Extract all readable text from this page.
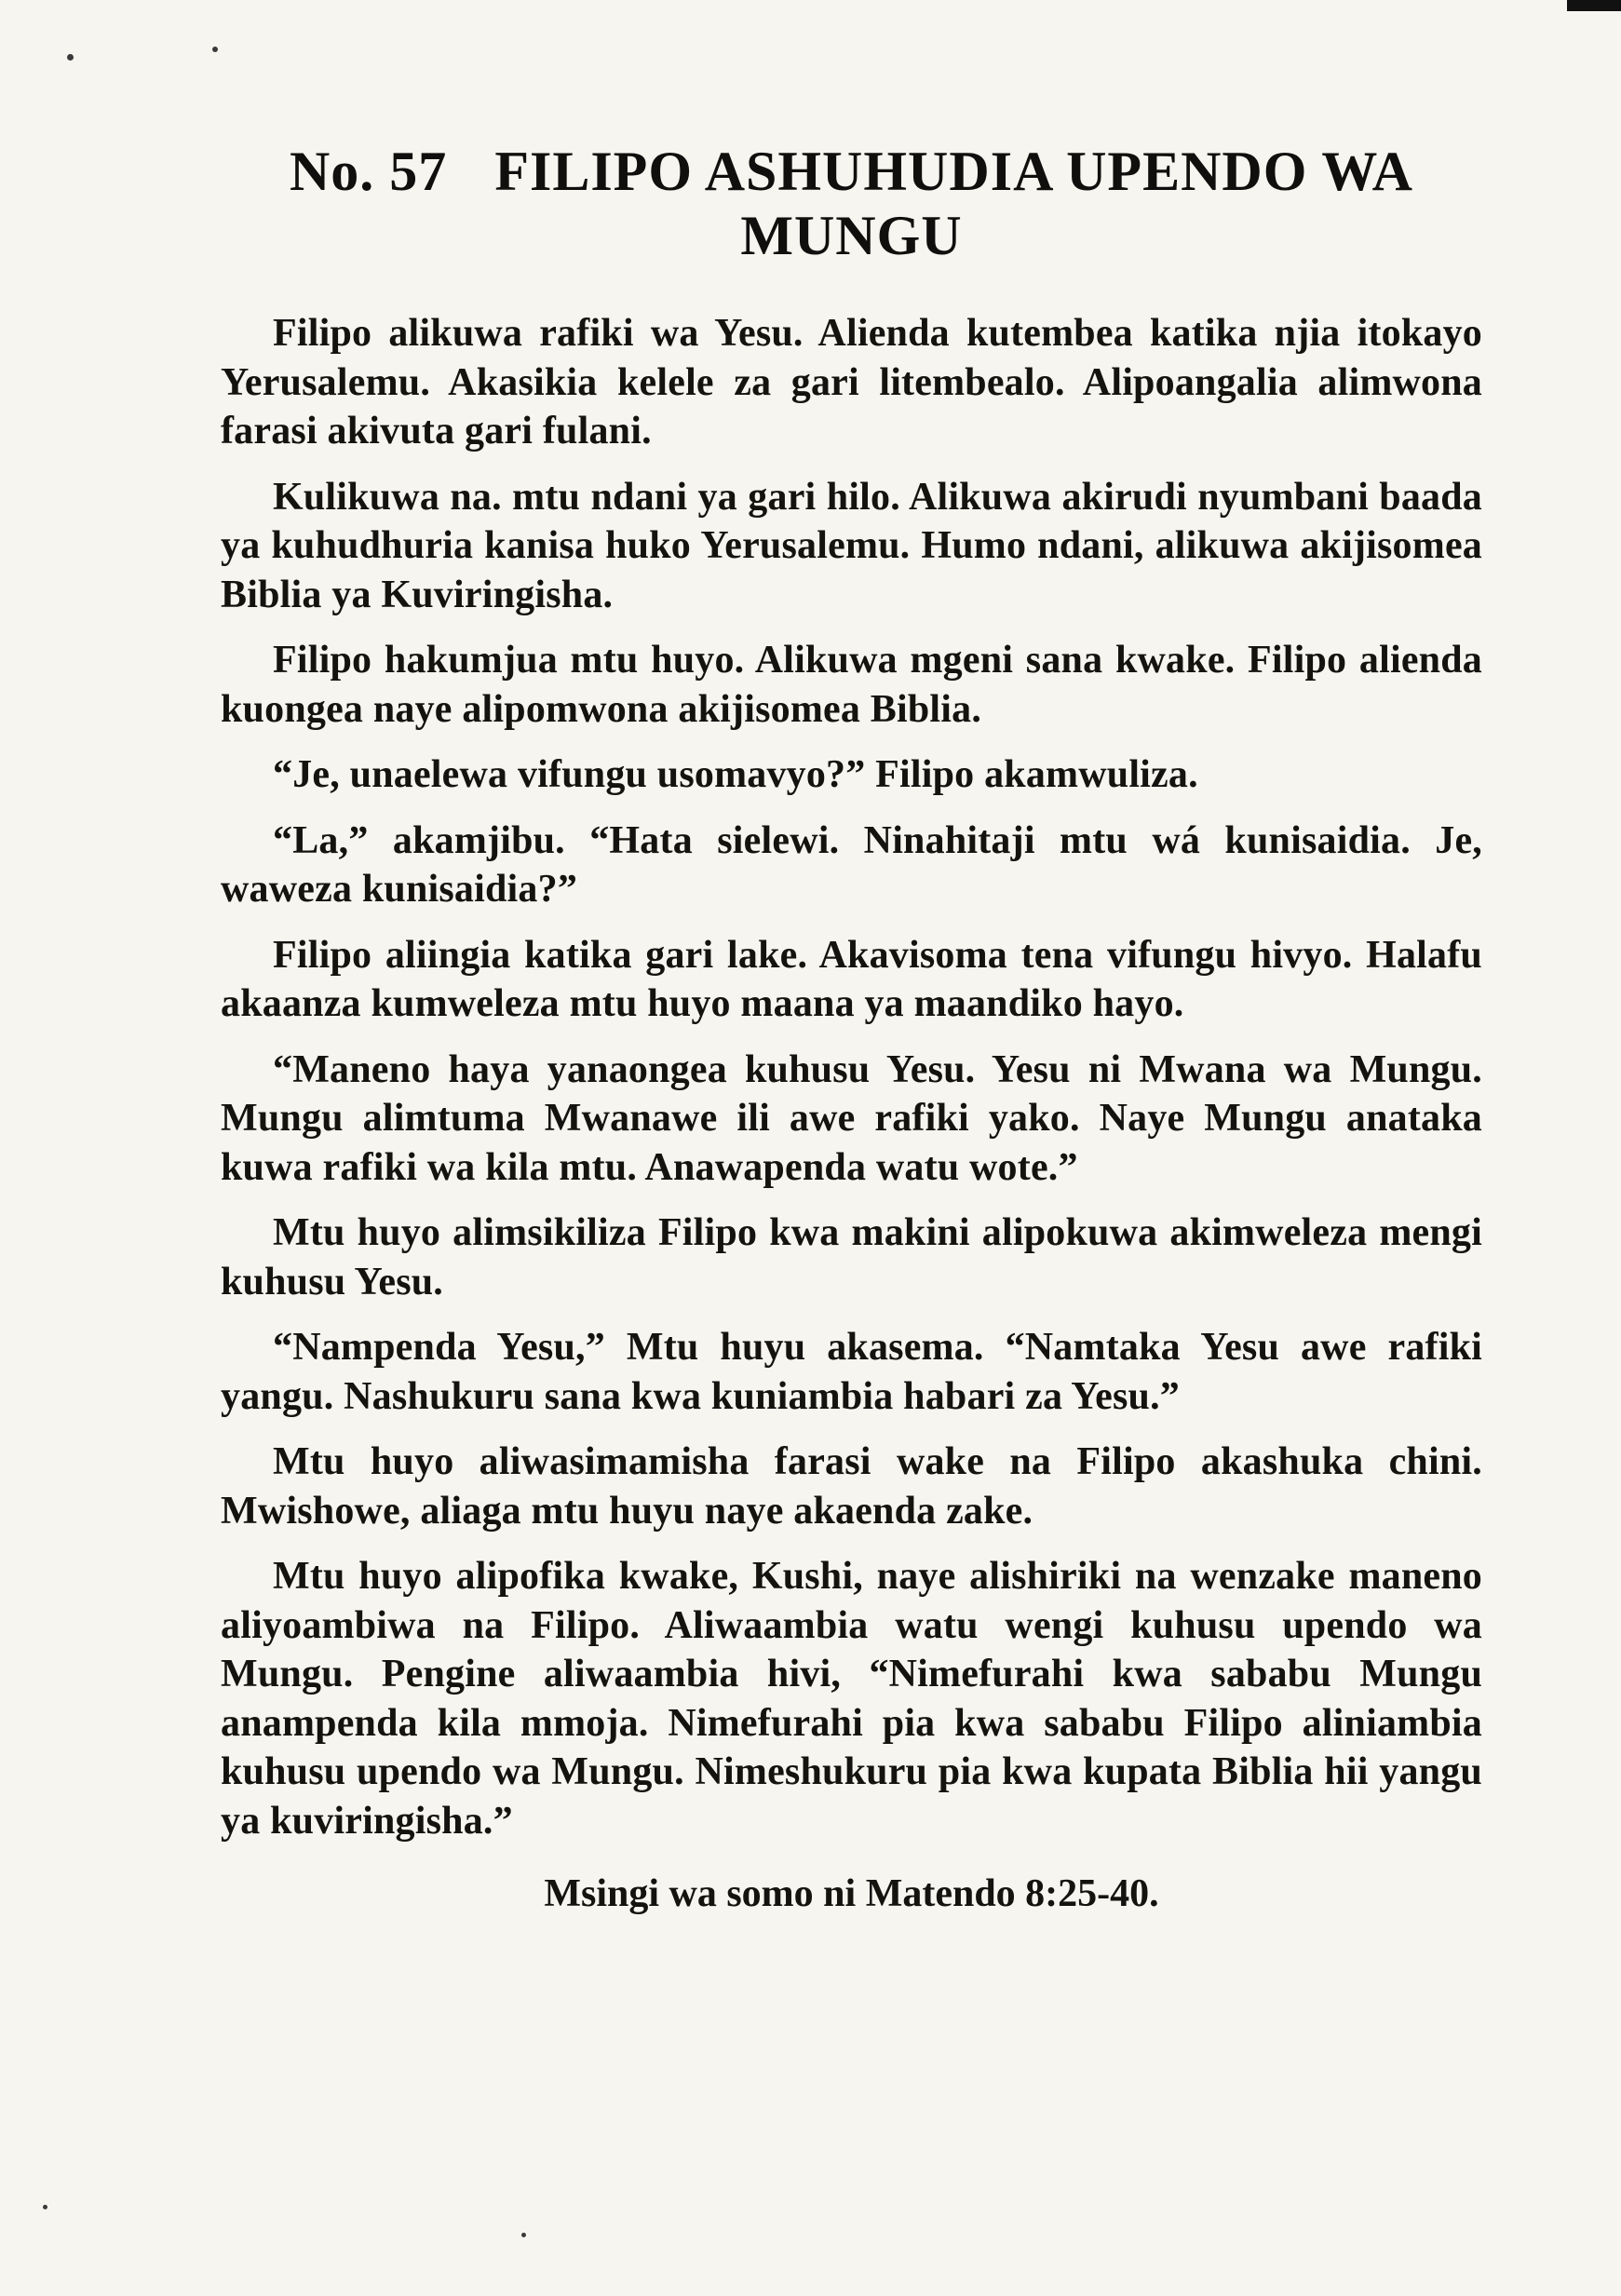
No. 57 FILIPO ASHUHUDIA UPENDO WA MUNGU

Filipo alikuwa rafiki wa Yesu. Alienda kutembea katika njia itokayo Yerusalemu. Akasikia kelele za gari litembealo. Alipoangalia alimwona farasi akivuta gari fulani.

Kulikuwa na. mtu ndani ya gari hilo. Alikuwa akirudi nyumbani baada ya kuhudhuria kanisa huko Yerusalemu. Humo ndani, alikuwa akijisomea Biblia ya Kuviringisha.

Filipo hakumjua mtu huyo. Alikuwa mgeni sana kwake. Filipo alienda kuongea naye alipomwona akijisomea Biblia.

“Je, unaelewa vifungu usomavyo?” Filipo akamwuliza.

“La,” akamjibu. “Hata sielewi. Ninahitaji mtu wá kunisaidia. Je, waweza kunisaidia?”

Filipo aliingia katika gari lake. Akavisoma tena vifungu hivyo. Halafu akaanza kumweleza mtu huyo maana ya maandiko hayo.

“Maneno haya yanaongea kuhusu Yesu. Yesu ni Mwana wa Mungu. Mungu alimtuma Mwanawe ili awe rafiki yako. Naye Mungu anataka kuwa rafiki wa kila mtu. Anawapenda watu wote.”

Mtu huyo alimsikiliza Filipo kwa makini alipokuwa akimweleza mengi kuhusu Yesu.

“Nampenda Yesu,” Mtu huyu akasema. “Namtaka Yesu awe rafiki yangu. Nashukuru sana kwa kuniambia habari za Yesu.”

Mtu huyo aliwasimamisha farasi wake na Filipo akashuka chini. Mwishowe, aliaga mtu huyu naye akaenda zake.

Mtu huyo alipofika kwake, Kushi, naye alishiriki na wenzake maneno aliyoambiwa na Filipo. Aliwaambia watu wengi kuhusu upendo wa Mungu. Pengine aliwaambia hivi, “Nimefurahi kwa sababu Mungu anampenda kila mmoja. Nimefurahi pia kwa sababu Filipo aliniambia kuhusu upendo wa Mungu. Nimeshukuru pia kwa kupata Biblia hii yangu ya kuviringisha.”

Msingi wa somo ni Matendo 8:25-40.
